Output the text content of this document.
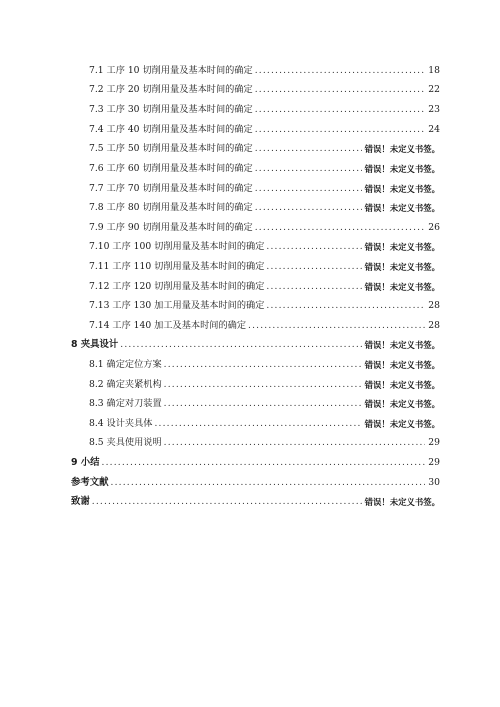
7.1 工序 10 切削用量及基本时间的确定 .....	18
7.2 工序 20 切削用量及基本时间的确定 .....	22
7.3 工序 30 切削用量及基本时间的确定 .....	23
7.4 工序 40 切削用量及基本时间的确定 .....	24
7.5 工序 50 切削用量及基本时间的确定 .....	错误！未定义书签。
7.6 工序 60 切削用量及基本时间的确定 .....	错误！未定义书签。
7.7 工序 70 切削用量及基本时间的确定 .....	错误！未定义书签。
7.8 工序 80 切削用量及基本时间的确定 .....	错误！未定义书签。
7.9 工序 90 切削用量及基本时间的确定 .....	26
7.10 工序 100 切削用量及基本时间的确定 .....	错误！未定义书签。
7.11 工序 110 切削用量及基本时间的确定 .....	错误！未定义书签。
7.12 工序 120 切削用量及基本时间的确定 .....	错误！未定义书签。
7.13 工序 130 加工用量及基本时间的确定 .....	28
7.14 工序 140 加工及基本时间的确定 .....	28
8 夹具设计 .....	错误！未定义书签。
8.1 确定定位方案 .....	错误！未定义书签。
8.2 确定夹紧机构 .....	错误！未定义书签。
8.3 确定对刀装置 .....	错误！未定义书签。
8.4 设计夹具体 .....	错误！未定义书签。
8.5 夹具使用说明 .....	29
9 小结 .....	29
参考文献 .....	30
致谢 .....	错误！未定义书签。
